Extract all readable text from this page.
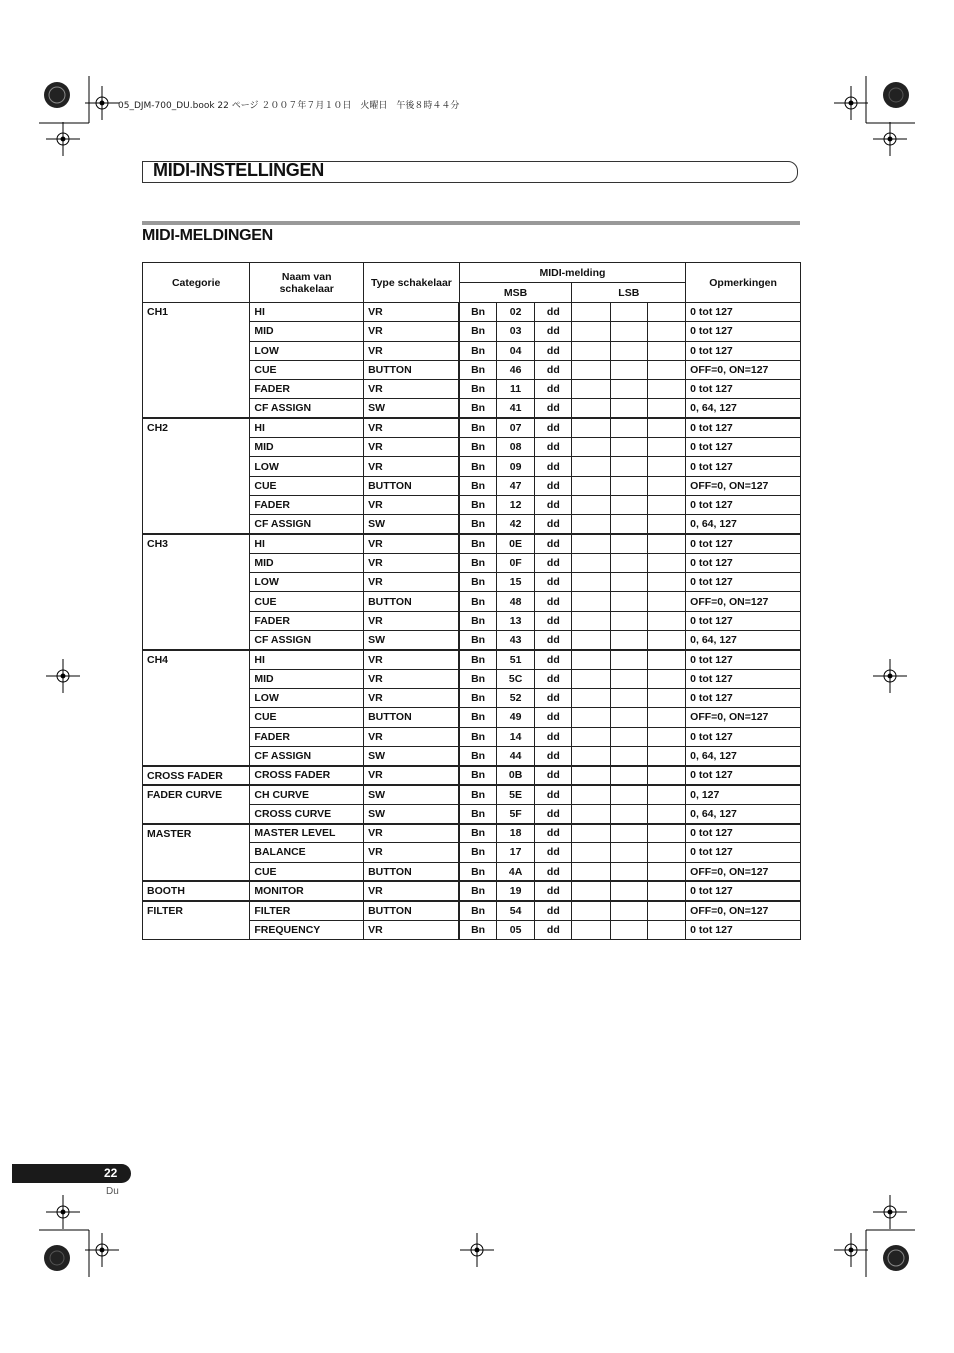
05_DJM-700_DU.book 22 ページ ２００７年７月１０日　火曜日　午後８時４４分
MIDI-INSTELLINGEN
MIDI-MELDINGEN
Categorie	Naam van schakelaar	Type schakelaar	MIDI-melding						Opmerkingen
			MSB			LSB			
CH1	HI	VR	Bn	02	dd				0 tot 127
	MID	VR	Bn	03	dd				0 tot 127
	LOW	VR	Bn	04	dd				0 tot 127
	CUE	BUTTON	Bn	46	dd				OFF=0, ON=127
	FADER	VR	Bn	11	dd				0 tot 127
	CF ASSIGN	SW	Bn	41	dd				0, 64, 127
CH2	HI	VR	Bn	07	dd				0 tot 127
	MID	VR	Bn	08	dd				0 tot 127
	LOW	VR	Bn	09	dd				0 tot 127
	CUE	BUTTON	Bn	47	dd				OFF=0, ON=127
	FADER	VR	Bn	12	dd				0 tot 127
	CF ASSIGN	SW	Bn	42	dd				0, 64, 127
CH3	HI	VR	Bn	0E	dd				0 tot 127
	MID	VR	Bn	0F	dd				0 tot 127
	LOW	VR	Bn	15	dd				0 tot 127
	CUE	BUTTON	Bn	48	dd				OFF=0, ON=127
	FADER	VR	Bn	13	dd				0 tot 127
	CF ASSIGN	SW	Bn	43	dd				0, 64, 127
CH4	HI	VR	Bn	51	dd				0 tot 127
	MID	VR	Bn	5C	dd				0 tot 127
	LOW	VR	Bn	52	dd				0 tot 127
	CUE	BUTTON	Bn	49	dd				OFF=0, ON=127
	FADER	VR	Bn	14	dd				0 tot 127
	CF ASSIGN	SW	Bn	44	dd				0, 64, 127
CROSS FADER	CROSS FADER	VR	Bn	0B	dd				0 tot 127
FADER CURVE	CH CURVE	SW	Bn	5E	dd				0, 127
	CROSS CURVE	SW	Bn	5F	dd				0, 64, 127
MASTER	MASTER LEVEL	VR	Bn	18	dd				0 tot 127
	BALANCE	VR	Bn	17	dd				0 tot 127
	CUE	BUTTON	Bn	4A	dd				OFF=0, ON=127
BOOTH	MONITOR	VR	Bn	19	dd				0 tot 127
FILTER	FILTER	BUTTON	Bn	54	dd				OFF=0, ON=127
	FREQUENCY	VR	Bn	05	dd				0 tot 127
22
Du
